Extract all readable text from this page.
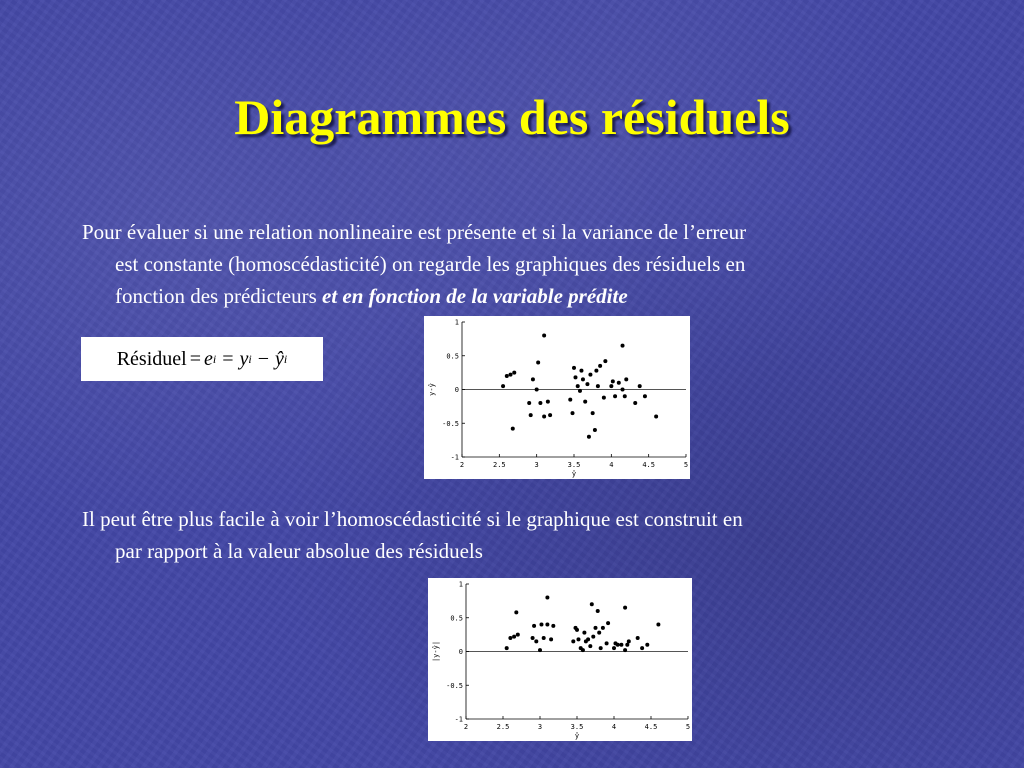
Diagrammes des résiduels
Pour évaluer si une relation nonlineaire est présente et si la variance de l’erreur
est constante (homoscédasticité) on regarde les graphiques des résiduels en
fonction des prédicteurs et en fonction de la variable prédite
Résiduel = e i = y i − ŷ i
Il peut être plus facile à voir l’homoscédasticité si le graphique est construit en
par rapport à la valeur absolue des résiduels
1
0.5
0
-0.5
-1
2	2.5	3	3.5	4	4.5	5
ŷ
y-ŷ
1
0.5
0
-0.5
-1
2	2.5	3	3.5	4	4.5	5
ŷ
|y-ŷ|
